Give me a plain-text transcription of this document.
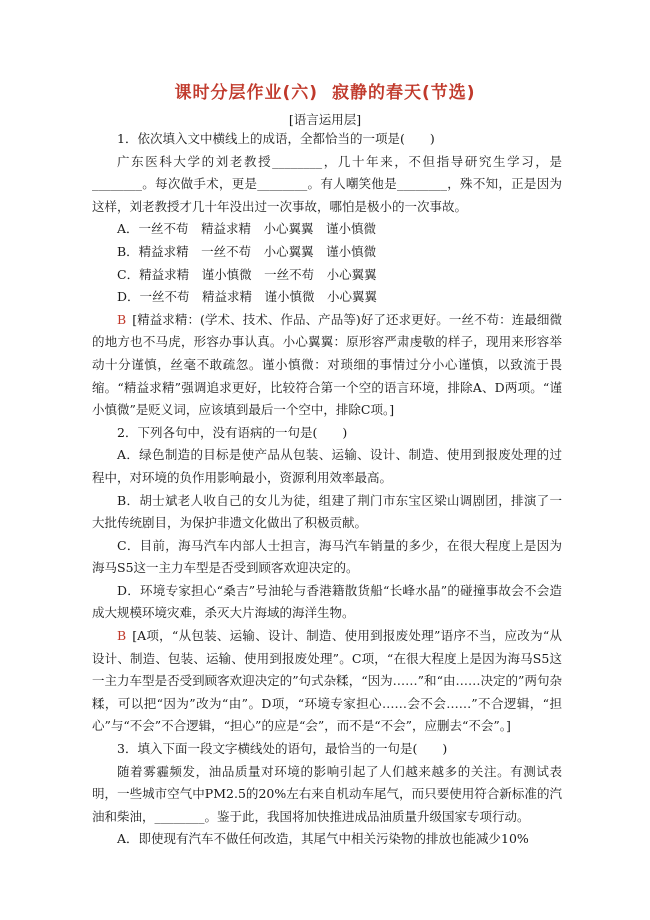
课时分层作业(六) 寂静的春天(节选)
[语言运用层]

1．依次填入文中横线上的成语，全都恰当的一项是(　　)

广东医科大学的刘老教授________，几十年来，不但指导研究生学习，是________。每次做手术，更是________。有人嘲笑他是________，殊不知，正是因为这样，刘老教授才几十年没出过一次事故，哪怕是极小的一次事故。

A．一丝不苟　精益求精　小心翼翼　谨小慎微

B．精益求精　一丝不苟　小心翼翼　谨小慎微

C．精益求精　谨小慎微　一丝不苟　小心翼翼

D．一丝不苟　精益求精　谨小慎微　小心翼翼

B [精益求精：(学术、技术、作品、产品等)好了还求更好。一丝不苟：连最细微的地方也不马虎，形容办事认真。小心翼翼：原形容严肃虔敬的样子，现用来形容举动十分谨慎，丝毫不敢疏忽。谨小慎微：对琐细的事情过分小心谨慎，以致流于畏缩。“精益求精”强调追求更好，比较符合第一个空的语言环境，排除A、D两项。“谨小慎微”是贬义词，应该填到最后一个空中，排除C项。]

2．下列各句中，没有语病的一句是(　　)

A．绿色制造的目标是使产品从包装、运输、设计、制造、使用到报废处理的过程中，对环境的负作用影响最小，资源利用效率最高。

B．胡士斌老人收自己的女儿为徒，组建了荆门市东宝区梁山调剧团，排演了一大批传统剧目，为保护非遗文化做出了积极贡献。

C．目前，海马汽车内部人士担言，海马汽车销量的多少，在很大程度上是因为海马S5这一主力车型是否受到顾客欢迎决定的。

D．环境专家担心“桑吉”号油轮与香港籍散货船“长峰水晶”的碰撞事故会不会造成大规模环境灾难，杀灭大片海域的海洋生物。

B [A项，“从包装、运输、设计、制造、使用到报废处理”语序不当，应改为“从设计、制造、包装、运输、使用到报废处理”。C项，“在很大程度上是因为海马S5这一主力车型是否受到顾客欢迎决定的”句式杂糅，“因为……”和“由……决定的”两句杂糅，可以把“因为”改为“由”。D项，“环境专家担心……会不会……”不合逻辑，“担心”与“不会”不合逻辑，“担心”的应是“会”，而不是“不会”，应删去“不会”。]

3．填入下面一段文字横线处的语句，最恰当的一句是(　　)

随着雾霾频发，油品质量对环境的影响引起了人们越来越多的关注。有测试表明，一些城市空气中PM2.5的20%左右来自机动车尾气，而只要使用符合新标准的汽油和柴油，________。鉴于此，我国将加快推进成品油质量升级国家专项行动。

A．即使现有汽车不做任何改造，其尾气中相关污染物的排放也能减少10%
